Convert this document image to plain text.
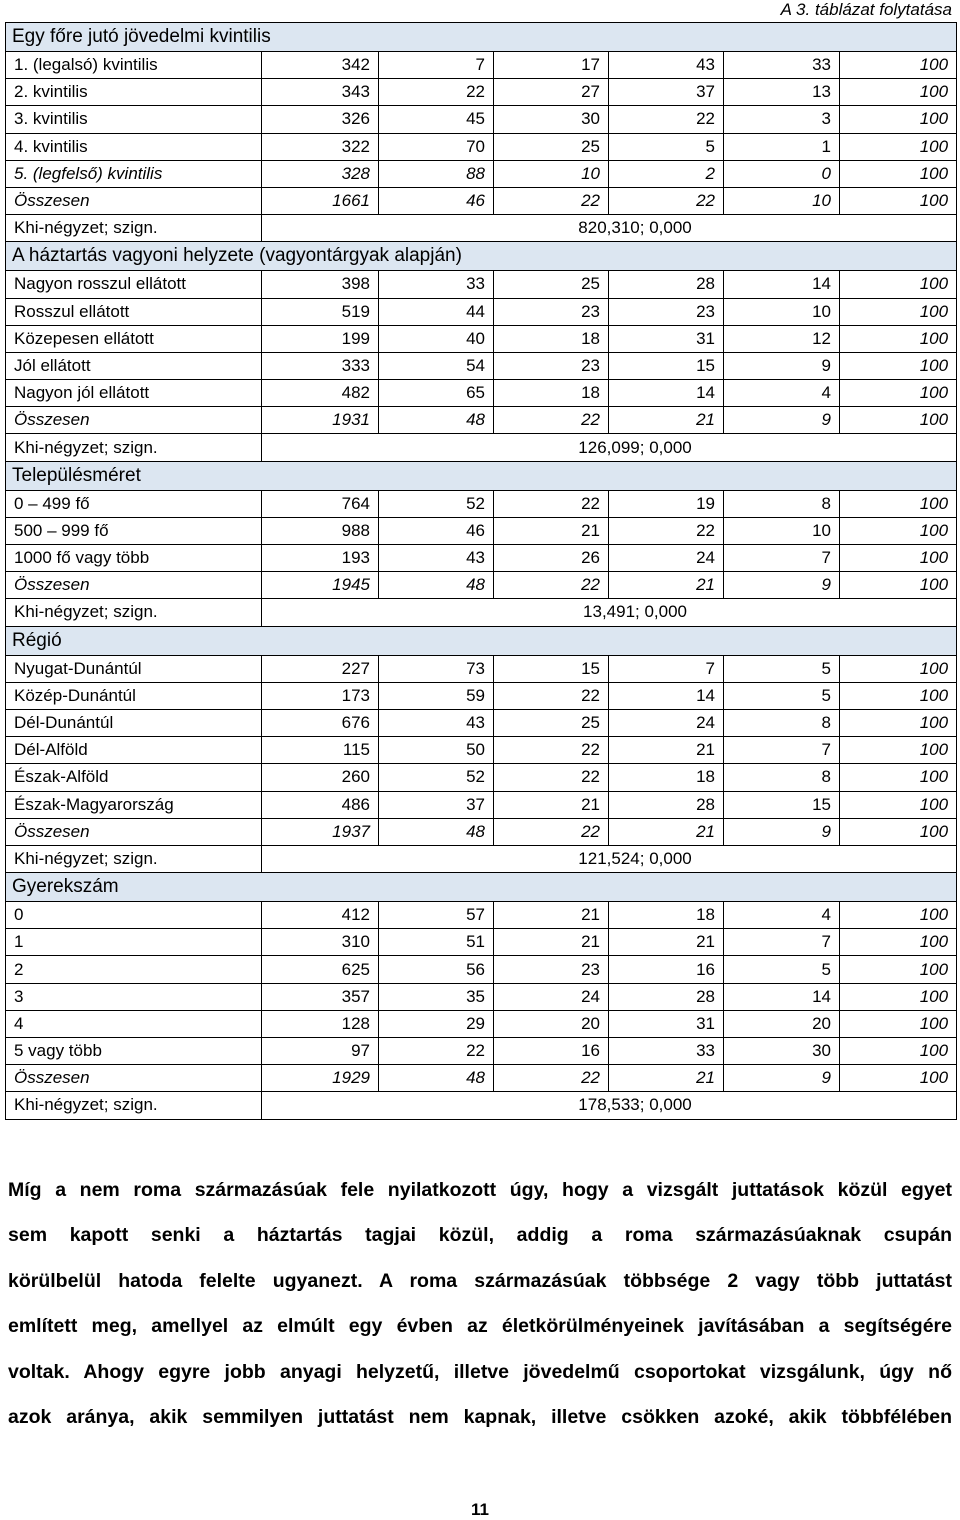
A 3. táblázat folytatása
Egy főre jutó jövedelmi kvintilis						
1. (legalsó) kvintilis	342	7	17	43	33	100
2. kvintilis	343	22	27	37	13	100
3. kvintilis	326	45	30	22	3	100
4. kvintilis	322	70	25	5	1	100
5. (legfelső) kvintilis	328	88	10	2	0	100
Összesen	1661	46	22	22	10	100
Khi-négyzet; szign.	820,310; 0,000					
A háztartás vagyoni helyzete (vagyontárgyak alapján)						
Nagyon rosszul ellátott	398	33	25	28	14	100
Rosszul ellátott	519	44	23	23	10	100
Közepesen ellátott	199	40	18	31	12	100
Jól ellátott	333	54	23	15	9	100
Nagyon jól ellátott	482	65	18	14	4	100
Összesen	1931	48	22	21	9	100
Khi-négyzet; szign.	126,099; 0,000					
Településméret						
0 – 499 fő	764	52	22	19	8	100
500 – 999 fő	988	46	21	22	10	100
1000 fő vagy több	193	43	26	24	7	100
Összesen	1945	48	22	21	9	100
Khi-négyzet; szign.	13,491; 0,000					
Régió						
Nyugat-Dunántúl	227	73	15	7	5	100
Közép-Dunántúl	173	59	22	14	5	100
Dél-Dunántúl	676	43	25	24	8	100
Dél-Alföld	115	50	22	21	7	100
Észak-Alföld	260	52	22	18	8	100
Észak-Magyarország	486	37	21	28	15	100
Összesen	1937	48	22	21	9	100
Khi-négyzet; szign.	121,524; 0,000					
Gyerekszám						
0	412	57	21	18	4	100
1	310	51	21	21	7	100
2	625	56	23	16	5	100
3	357	35	24	28	14	100
4	128	29	20	31	20	100
5 vagy több	97	22	16	33	30	100
Összesen	1929	48	22	21	9	100
Khi-négyzet; szign.	178,533; 0,000					
Míg a nem roma származásúak fele nyilatkozott úgy, hogy a vizsgált juttatások közül egyet
sem kapott senki a háztartás tagjai közül, addig a roma származásúaknak csupán
körülbelül hatoda felelte ugyanezt. A roma származásúak többsége 2 vagy több juttatást
említett meg, amellyel az elmúlt egy évben az életkörülményeinek javításában a segítségére
voltak. Ahogy egyre jobb anyagi helyzetű, illetve jövedelmű csoportokat vizsgálunk, úgy nő
azok aránya, akik semmilyen juttatást nem kapnak, illetve csökken azoké, akik többfélében
11
